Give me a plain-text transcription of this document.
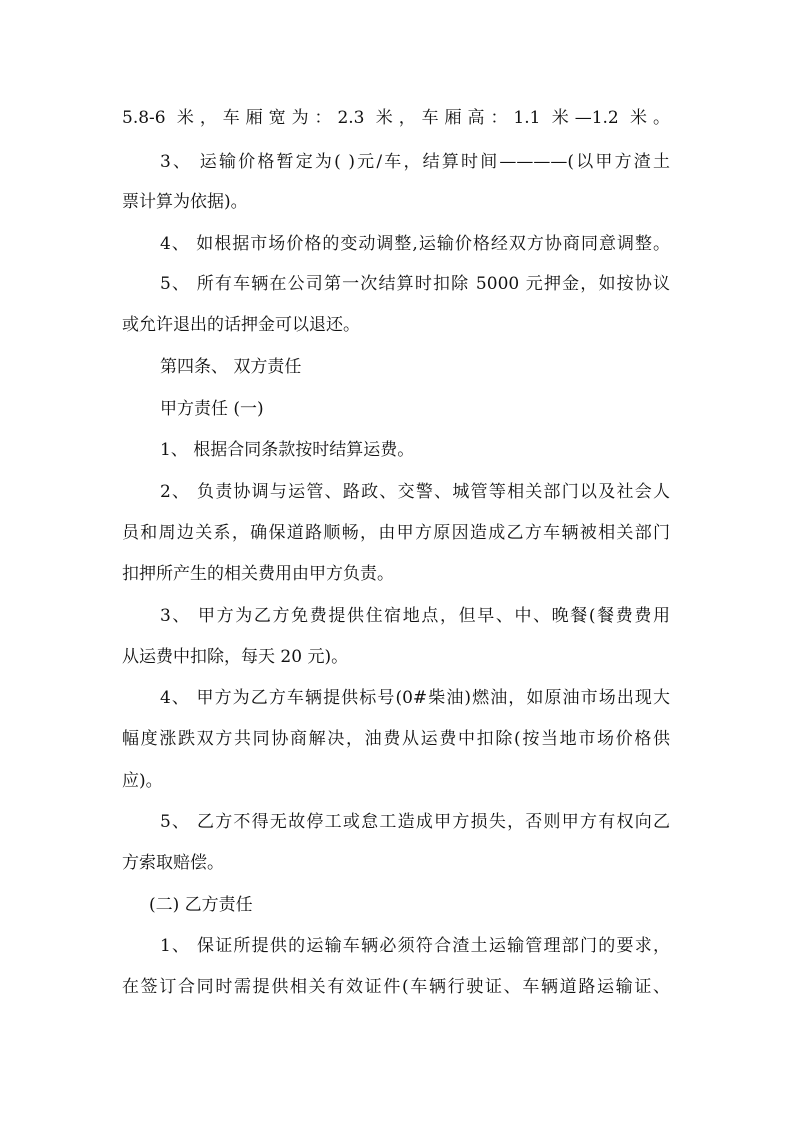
5.8-6 米，车厢宽为：2.3 米，车厢高：1.1 米—1.2 米。
3、 运输价格暂定为( )元/车，结算时间————(以甲方渣土
票计算为依据)。
4、 如根据市场价格的变动调整,运输价格经双方协商同意调整。
5、 所有车辆在公司第一次结算时扣除 5000 元押金，如按协议
或允许退出的话押金可以退还。
第四条、 双方责任
甲方责任 (一)
1、 根据合同条款按时结算运费。
2、 负责协调与运管、路政、交警、城管等相关部门以及社会人
员和周边关系，确保道路顺畅，由甲方原因造成乙方车辆被相关部门
扣押所产生的相关费用由甲方负责。
3、 甲方为乙方免费提供住宿地点，但早、中、晚餐(餐费费用
从运费中扣除，每天 20 元)。
4、 甲方为乙方车辆提供标号(0#柴油)燃油，如原油市场出现大
幅度涨跌双方共同协商解决，油费从运费中扣除(按当地市场价格供
应)。
5、 乙方不得无故停工或怠工造成甲方损失，否则甲方有权向乙
方索取赔偿。
(二) 乙方责任
1、 保证所提供的运输车辆必须符合渣土运输管理部门的要求，
在签订合同时需提供相关有效证件(车辆行驶证、车辆道路运输证、
